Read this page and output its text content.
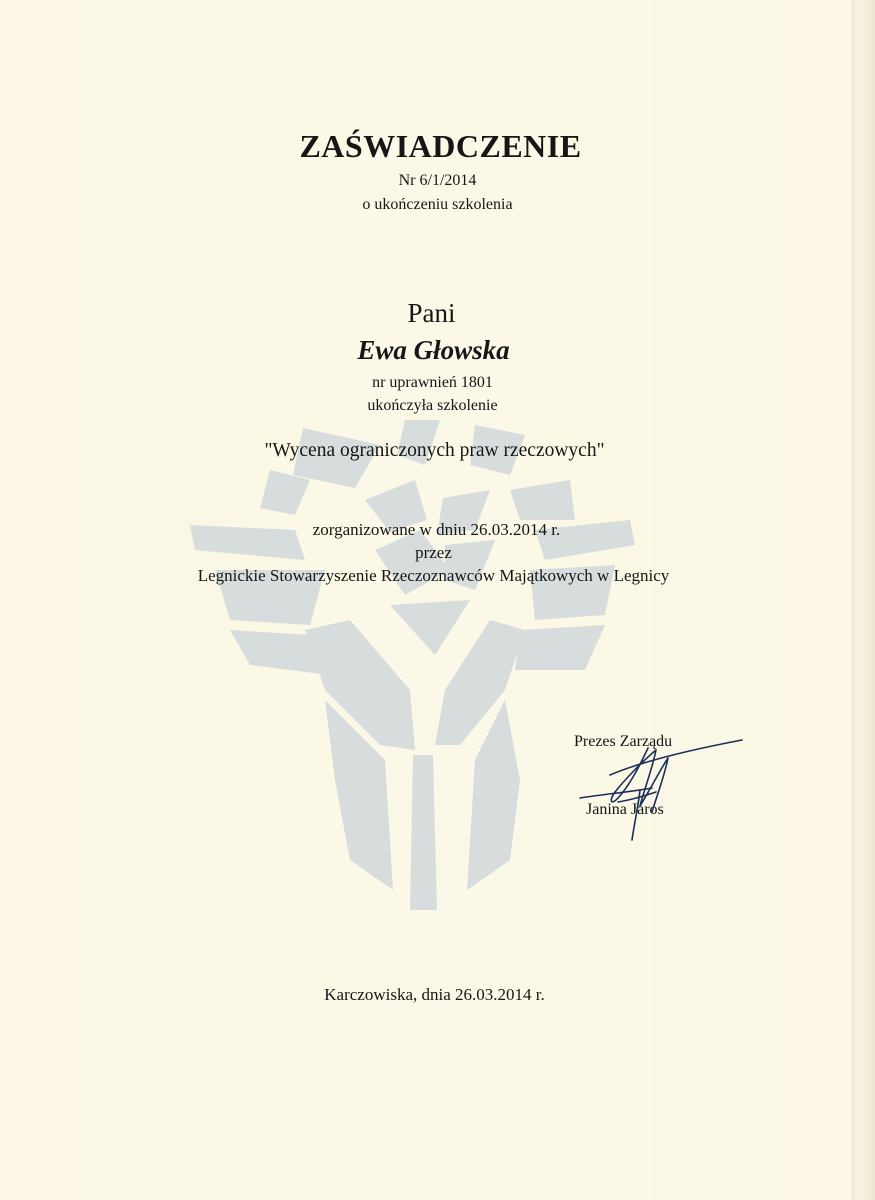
ZAŚWIADCZENIE
Nr 6/1/2014
o ukończeniu szkolenia
Pani
Ewa Głowska
nr uprawnień 1801
ukończyła szkolenie
"Wycena ograniczonych praw rzeczowych"
zorganizowane w dniu 26.03.2014 r.
przez
Legnickie Stowarzyszenie Rzeczoznawców Majątkowych w Legnicy
Prezes Zarządu
Janina Jaros
Karczowiska, dnia 26.03.2014 r.
